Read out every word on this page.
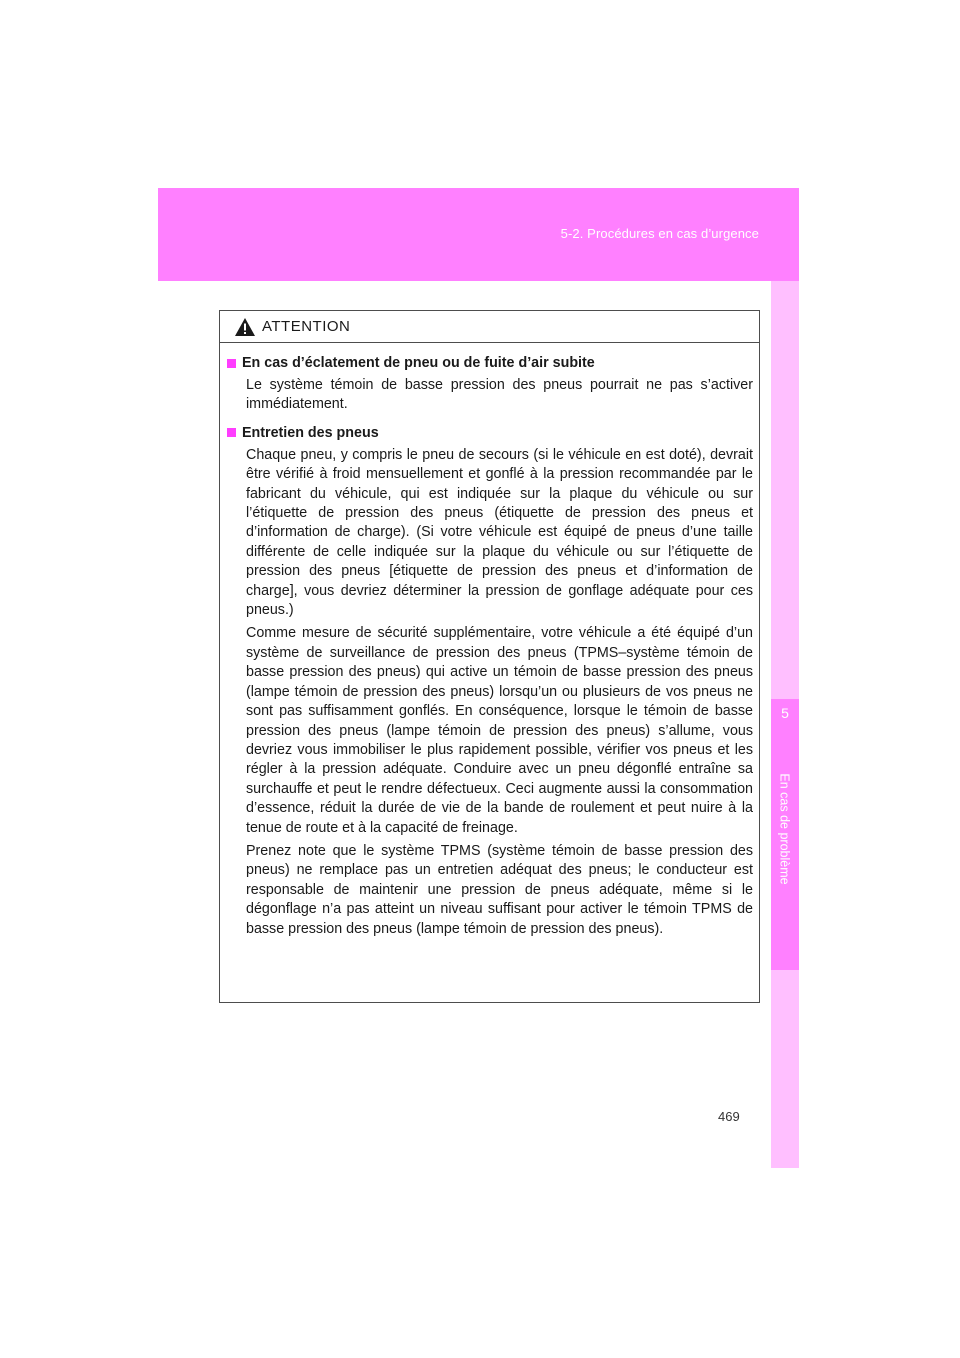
5-2. Procédures en cas d’urgence
5
En cas de problème
ATTENTION
En cas d’éclatement de pneu ou de fuite d’air subite

Le système témoin de basse pression des pneus pourrait ne pas s’activer immédiatement.

Entretien des pneus

Chaque pneu, y compris le pneu de secours (si le véhicule en est doté), devrait être vérifié à froid mensuellement et gonflé à la pression recommandée par le fabricant du véhicule, qui est indiquée sur la plaque du véhicule ou sur l’étiquette de pression des pneus (étiquette de pression des pneus et d’information de charge). (Si votre véhicule est équipé de pneus d’une taille différente de celle indiquée sur la plaque du véhicule ou sur l’étiquette de pression des pneus [étiquette de pression des pneus et d’information de charge], vous devriez déterminer la pression de gonflage adéquate pour ces pneus.)

Comme mesure de sécurité supplémentaire, votre véhicule a été équipé d’un système de surveillance de pression des pneus (TPMS–système témoin de basse pression des pneus) qui active un témoin de basse pression des pneus (lampe témoin de pression des pneus) lorsqu’un ou plusieurs de vos pneus ne sont pas suffisamment gonflés. En conséquence, lorsque le témoin de basse pression des pneus (lampe témoin de pression des pneus) s’allume, vous devriez vous immobiliser le plus rapidement possible, vérifier vos pneus et les régler à la pression adéquate. Conduire avec un pneu dégonflé entraîne sa surchauffe et peut le rendre défectueux. Ceci augmente aussi la consommation d’essence, réduit la durée de vie de la bande de roulement et peut nuire à la tenue de route et à la capacité de freinage.

Prenez note que le système TPMS (système témoin de basse pression des pneus) ne remplace pas un entretien adéquat des pneus; le conducteur est responsable de maintenir une pression de pneus adéquate, même si le dégonflage n’a pas atteint un niveau suffisant pour activer le témoin TPMS de basse pression des pneus (lampe témoin de pression des pneus).

469
